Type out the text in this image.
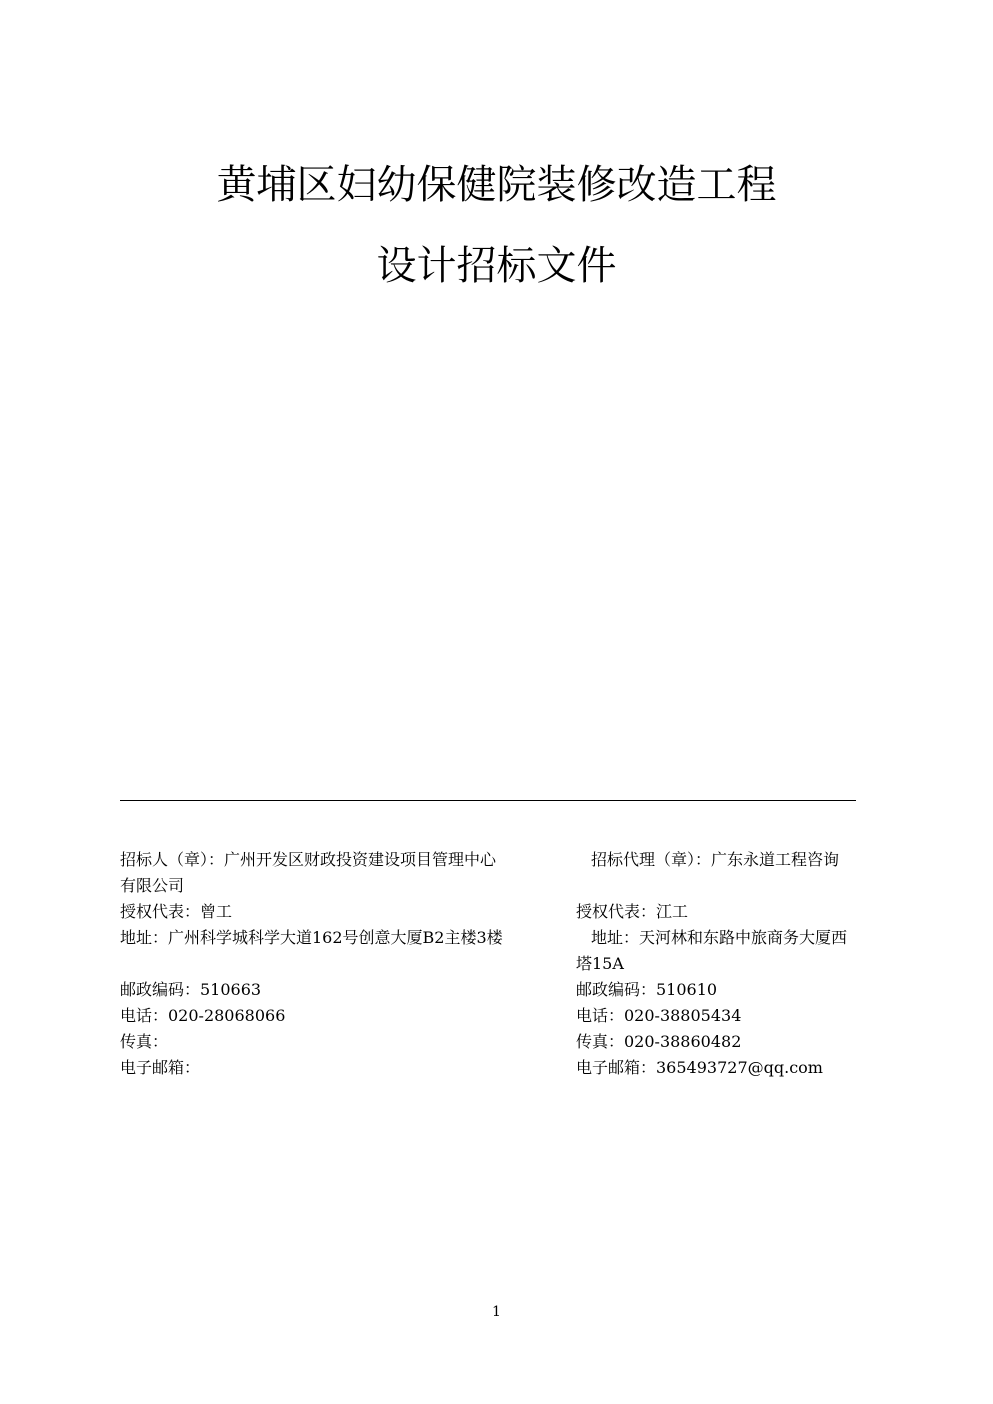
黄埔区妇幼保健院装修改造工程
设计招标文件
招标人（章）：广州开发区财政投资建设项目管理中心
有限公司
授权代表：曾工
地址：广州科学城科学大道162号创意大厦B2主楼3楼
邮政编码：510663
电话：020-28068066
传真：
电子邮箱：
招标代理（章）：广东永道工程咨询
授权代表：江工
地址：天河林和东路中旅商务大厦西
塔15A
邮政编码：510610
电话：020-38805434
传真：020-38860482
电子邮箱：365493727@qq.com
1
